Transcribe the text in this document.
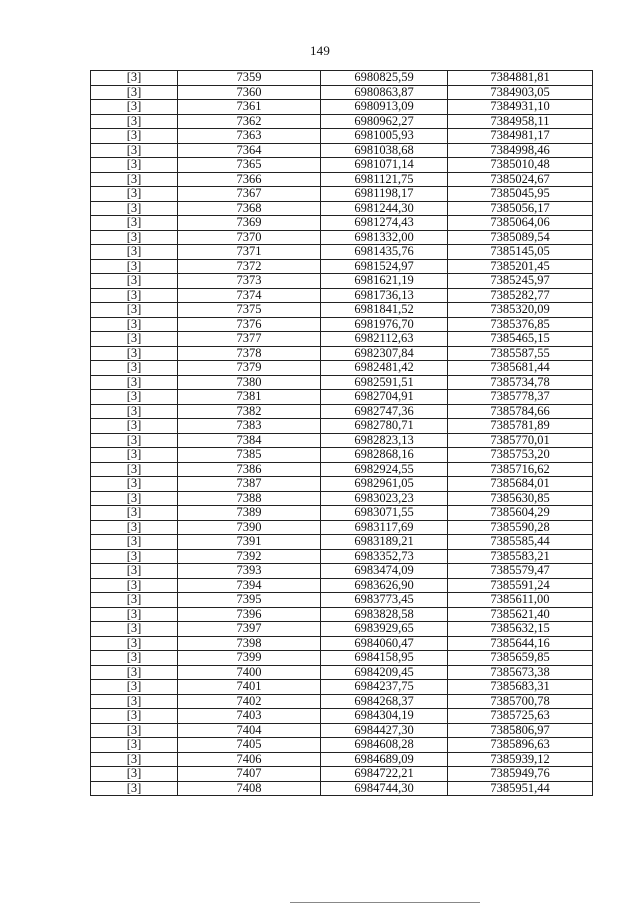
149
[3]	7359	6980825,59	7384881,81
[3]	7360	6980863,87	7384903,05
[3]	7361	6980913,09	7384931,10
[3]	7362	6980962,27	7384958,11
[3]	7363	6981005,93	7384981,17
[3]	7364	6981038,68	7384998,46
[3]	7365	6981071,14	7385010,48
[3]	7366	6981121,75	7385024,67
[3]	7367	6981198,17	7385045,95
[3]	7368	6981244,30	7385056,17
[3]	7369	6981274,43	7385064,06
[3]	7370	6981332,00	7385089,54
[3]	7371	6981435,76	7385145,05
[3]	7372	6981524,97	7385201,45
[3]	7373	6981621,19	7385245,97
[3]	7374	6981736,13	7385282,77
[3]	7375	6981841,52	7385320,09
[3]	7376	6981976,70	7385376,85
[3]	7377	6982112,63	7385465,15
[3]	7378	6982307,84	7385587,55
[3]	7379	6982481,42	7385681,44
[3]	7380	6982591,51	7385734,78
[3]	7381	6982704,91	7385778,37
[3]	7382	6982747,36	7385784,66
[3]	7383	6982780,71	7385781,89
[3]	7384	6982823,13	7385770,01
[3]	7385	6982868,16	7385753,20
[3]	7386	6982924,55	7385716,62
[3]	7387	6982961,05	7385684,01
[3]	7388	6983023,23	7385630,85
[3]	7389	6983071,55	7385604,29
[3]	7390	6983117,69	7385590,28
[3]	7391	6983189,21	7385585,44
[3]	7392	6983352,73	7385583,21
[3]	7393	6983474,09	7385579,47
[3]	7394	6983626,90	7385591,24
[3]	7395	6983773,45	7385611,00
[3]	7396	6983828,58	7385621,40
[3]	7397	6983929,65	7385632,15
[3]	7398	6984060,47	7385644,16
[3]	7399	6984158,95	7385659,85
[3]	7400	6984209,45	7385673,38
[3]	7401	6984237,75	7385683,31
[3]	7402	6984268,37	7385700,78
[3]	7403	6984304,19	7385725,63
[3]	7404	6984427,30	7385806,97
[3]	7405	6984608,28	7385896,63
[3]	7406	6984689,09	7385939,12
[3]	7407	6984722,21	7385949,76
[3]	7408	6984744,30	7385951,44
